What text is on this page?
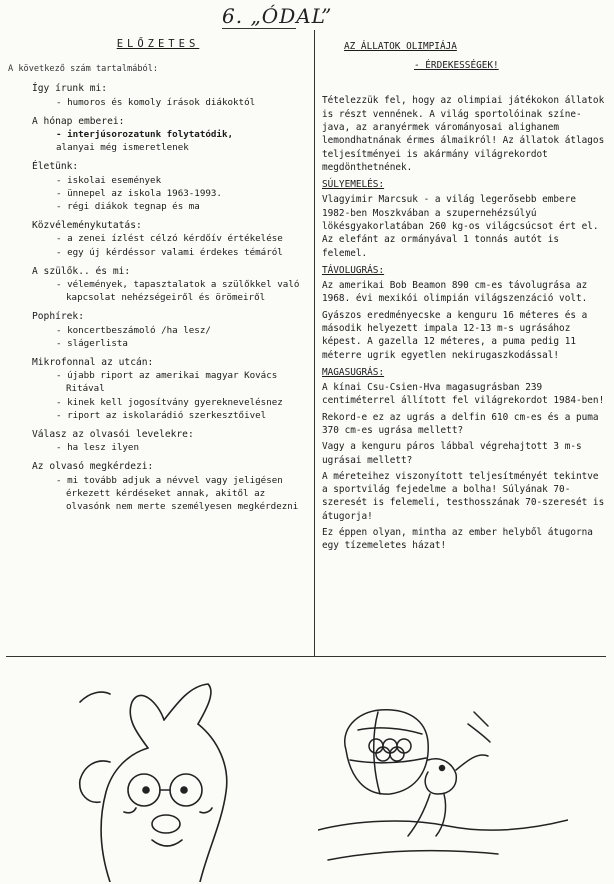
6. „ÓDAL”
ELŐZETES
A következő szám tartalmából:
Így írunk mi:
- humoros és komoly írások diákoktól
A hónap emberei:
- interjúsorozatunk folytatódik,
alanyai még ismeretlenek
Életünk:
- iskolai események
- ünnepel az iskola 1963-1993.
- régi diákok tegnap és ma
Közvéleménykutatás:
- a zenei ízlést célzó kérdőív értékelése
- egy új kérdéssor valami érdekes témáról
A szülők.. és mi:
- vélemények, tapasztalatok a szülőkkel való kapcsolat nehézségeiről és örömeiről
Pophírek:
- koncertbeszámoló /ha lesz/
- slágerlista
Mikrofonnal az utcán:
- újabb riport az amerikai magyar Kovács Ritával
- kinek kell jogosítvány gyereknevelésnez
- riport az iskolarádió szerkesztőivel
Válasz az olvasói levelekre:
- ha lesz ilyen
Az olvasó megkérdezi:
- mi tovább adjuk a névvel vagy jeligésen érkezett kérdéseket annak, akitől az olvasónk nem merte személyesen megkérdezni
AZ ÁLLATOK OLIMPIÁJA
- ÉRDEKESSÉGEK!
Tételezzük fel, hogy az olimpiai játékokon állatok is részt vennének. A világ sportolóinak színe-java, az aranyérmek várományosai alighanem lemondhatnának érmes álmaikról! Az állatok átlagos teljesítményei is akármány világrekordot megdönthetnének.
SÚLYEMELÉS:
Vlagyimir Marcsuk - a világ legerősebb embere 1982-ben Moszkvában a szupernehézsúlyú lökésgyakorlatában 260 kg-os világcsúcsot ért el. Az elefánt az ormányával 1 tonnás autót is felemel.
TÁVOLUGRÁS:
Az amerikai Bob Beamon 890 cm-es távolugrása az 1968. évi mexikói olimpián világszenzáció volt.
Gyászos eredményecske a kenguru 16 méteres és a második helyezett impala 12-13 m-s ugrásához képest. A gazella 12 méteres, a puma pedig 11 méterre ugrik egyetlen nekirugaszkodással!
MAGASUGRÁS:
A kínai Csu-Csien-Hva magasugrásban 239 centiméterrel állított fel világrekordot 1984-ben!
Rekord-e ez az ugrás a delfin 610 cm-es és a puma 370 cm-es ugrása mellett?
Vagy a kenguru páros lábbal végrehajtott 3 m-s ugrásai mellett?
A méreteihez viszonyított teljesítményét tekintve a sportvilág fejedelme a bolha! Súlyának 70-szeresét is felemeli, testhosszának 70-szeresét is átugorja!
Ez éppen olyan, mintha az ember helyből átugorna egy tízemeletes házat!
